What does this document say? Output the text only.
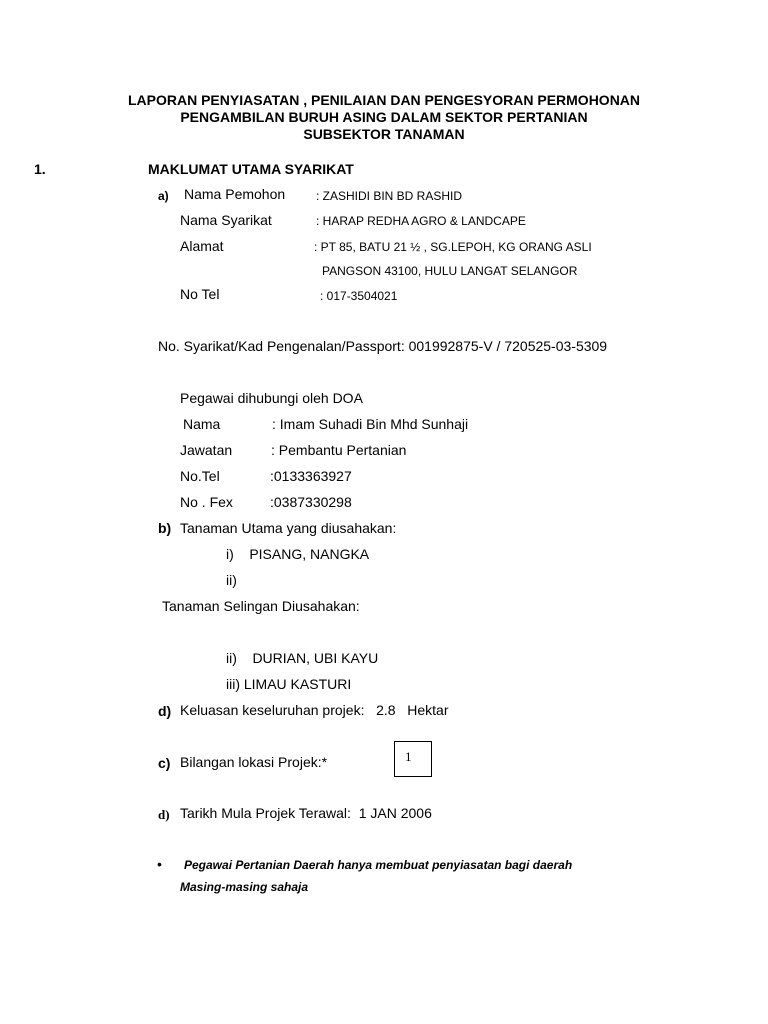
LAPORAN PENYIASATAN , PENILAIAN DAN PENGESYORAN PERMOHONAN
PENGAMBILAN BURUH ASING DALAM SEKTOR PERTANIAN
SUBSEKTOR TANAMAN
1.	MAKLUMAT UTAMA SYARIKAT
a) Nama Pemohon	: ZASHIDI BIN BD RASHID
Nama Syarikat	: HARAP REDHA AGRO & LANDCAPE
Alamat	: PT 85, BATU 21 ½ , SG.LEPOH, KG ORANG ASLI
PANGSON 43100, HULU LANGAT SELANGOR
No Tel	: 017-3504021
No. Syarikat/Kad Pengenalan/Passport: 001992875-V / 720525-03-5309
Pegawai dihubungi oleh DOA
Nama	: Imam Suhadi Bin Mhd Sunhaji
Jawatan	: Pembantu Pertanian
No.Tel	:0133363927
No . Fex	:0387330298
b) Tanaman Utama yang diusahakan:
i)    PISANG, NANGKA
ii)
Tanaman Selingan Diusahakan:
ii)    DURIAN, UBI KAYU
iii) LIMAU KASTURI
d) Keluasan keseluruhan projek:   2.8   Hektar
c) Bilangan lokasi Projek:*	1
d) Tarikh Mula Projek Terawal:  1 JAN 2006
• Pegawai Pertanian Daerah hanya membuat penyiasatan bagi daerah
Masing-masing sahaja
